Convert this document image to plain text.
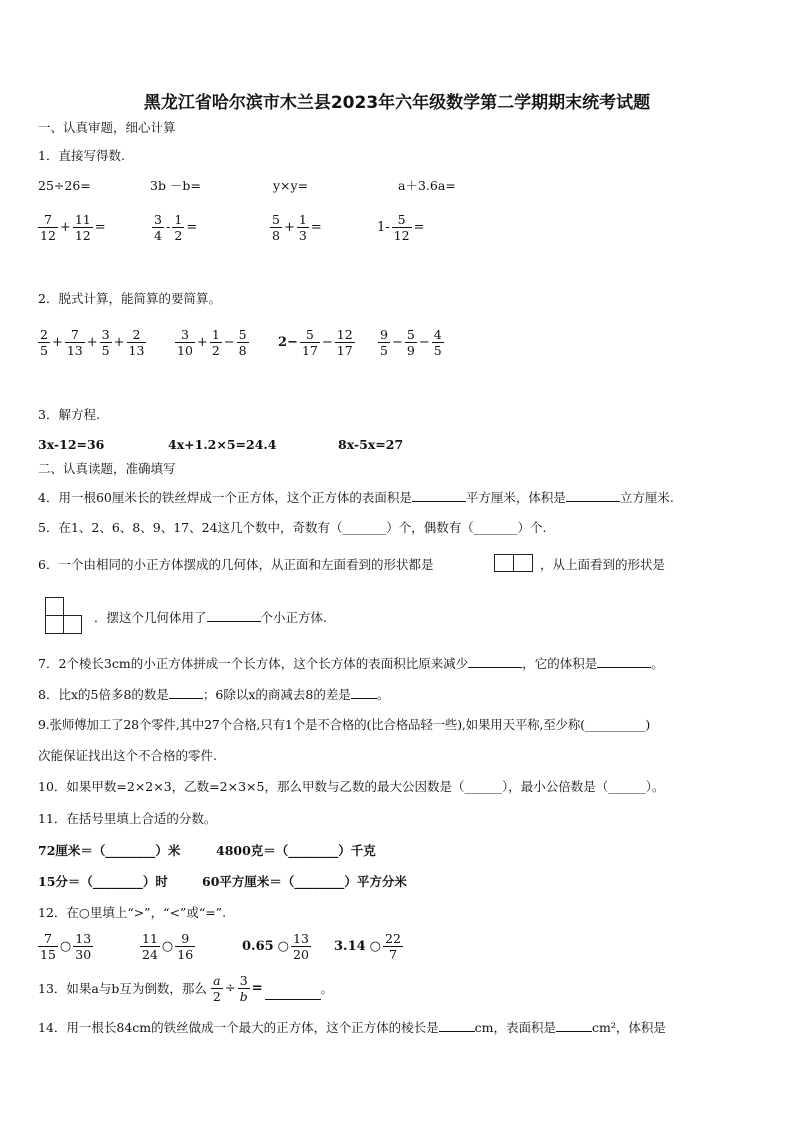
黑龙江省哈尔滨市木兰县2023年六年级数学第二学期期末统考试题
一、认真审题，细心计算
1．直接写得数.
25÷26=	3b －b=	y×y=	a＋3.6a=
$\frac{7}{12} + \frac{11}{12}$ =	$\frac{3}{4} - \frac{1}{2}$ =	$\frac{5}{8} + \frac{1}{3}$ =	$1- \frac{5}{12}$ =
2．脱式计算，能简算的要简算。
$\frac{2}{5} + \frac{7}{13} + \frac{3}{5} + \frac{2}{13} \frac{3}{10} + \frac{1}{2} - \frac{5}{8} 2- \frac{5}{17} - \frac{12}{17} \frac{9}{5} - \frac{5}{9} - \frac{4}{5}$
3．解方程.
3x-12=36	4x+1.2×5=24.4	8x-5x=27
二、认真读题，准确填写
4．用一根60厘米长的铁丝焊成一个正方体，这个正方体的表面积是	平方厘米，体积是	立方厘米.
5．在1、2、6、8、9、17、24这几个数中，奇数有（_______）个，偶数有（_______）个.
6．一个由相同的小正方体摆成的几何体，从正面和左面看到的形状都是	，从上面看到的形状是
．摆这个几何体用了	个小正方体.
7．2个棱长3cm的小正方体拼成一个长方体，这个长方体的表面积比原来减少	，它的体积是	。
8．比x的5倍多8的数是	；6除以x的商减去8的差是 。
9.张师傅加工了28个零件,其中27个合格,只有1个是不合格的(比合格品轻一些),如果用天平称,至少称(__________)
次能保证找出这个不合格的零件.
10．如果甲数=2×2×3，乙数=2×3×5，那么甲数与乙数的最大公因数是（______），最小公倍数是（______）。
11．在括号里填上合适的分数。
72厘米＝（________）米	4800克＝（________）千克
15分＝（________）时	60平方厘米＝（________）平方分米
12．在○里填上“>”，“<”或“=”.
$\frac{7}{15}$ ○ $\frac{13}{30}$	$\frac{11}{24}$ ○ $\frac{9}{16}$	0.65 ○ $\frac{13}{20} 3.14$ ○ $\frac{22}{7}$
13．如果a与b互为倒数，那么 $\frac{a}{2} \div \frac{3}{b}$ =	。
14．用一根长84cm的铁丝做成一个最大的正方体，这个正方体的棱长是	cm，表面积是	cm²，体积是
